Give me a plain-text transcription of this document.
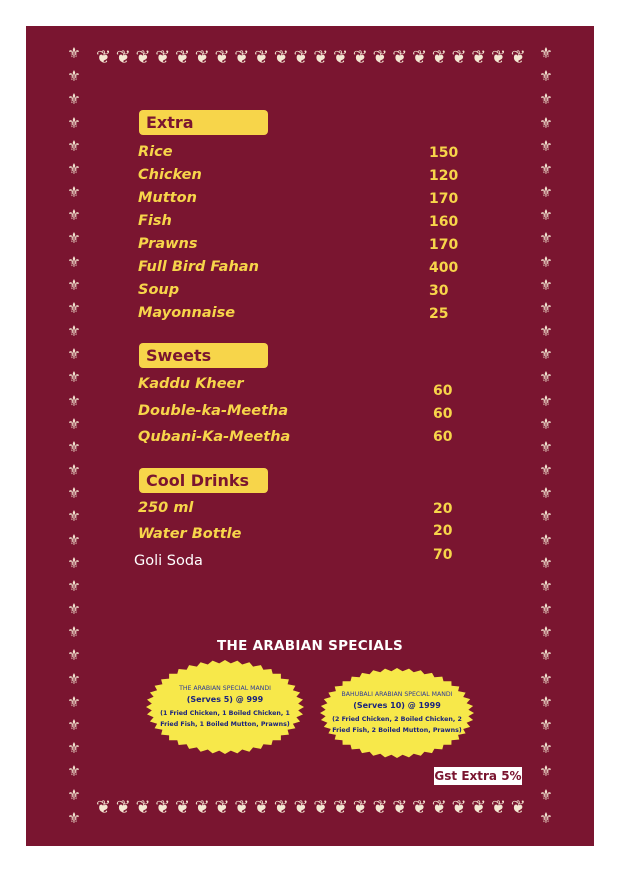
❦ ❦ ❦ ❦ ❦ ❦ ❦ ❦ ❦ ❦ ❦ ❦ ❦ ❦ ❦ ❦ ❦ ❦ ❦ ❦ ❦ ❦
❦ ❦ ❦ ❦ ❦ ❦ ❦ ❦ ❦ ❦ ❦ ❦ ❦ ❦ ❦ ❦ ❦ ❦ ❦ ❦ ❦ ❦
⚜
⚜
⚜
⚜
⚜
⚜
⚜
⚜
⚜
⚜
⚜
⚜
⚜
⚜
⚜
⚜
⚜
⚜
⚜
⚜
⚜
⚜
⚜
⚜
⚜
⚜
⚜
⚜
⚜
⚜
⚜
⚜
⚜
⚜
⚜
⚜
⚜
⚜
⚜
⚜
⚜
⚜
⚜
⚜
⚜
⚜
⚜
⚜
⚜
⚜
⚜
⚜
⚜
⚜
⚜
⚜
⚜
⚜
⚜
⚜
⚜
⚜
⚜
⚜
⚜
⚜
⚜
⚜
Extra
Rice	150
Chicken	120
Mutton	170
Fish	160
Prawns	170
Full Bird Fahan	400
Soup	30
Mayonnaise	25
Sweets
Kaddu Kheer	60
Double-ka-Meetha	60
Qubani-Ka-Meetha	60
Cool Drinks
250 ml	20
Water Bottle	20
Goli Soda	70
THE ARABIAN SPECIALS
THE ARABIAN SPECIAL MANDI
(Serves 5) @ 999
(1 Fried Chicken, 1 Boiled Chicken, 1 Fried Fish, 1 Boiled Mutton, Prawns)
BAHUBALI ARABIAN SPECIAL MANDI
(Serves 10) @ 1999
(2 Fried Chicken, 2 Boiled Chicken, 2 Fried Fish, 2 Boiled Mutton, Prawns)
Gst Extra 5%
